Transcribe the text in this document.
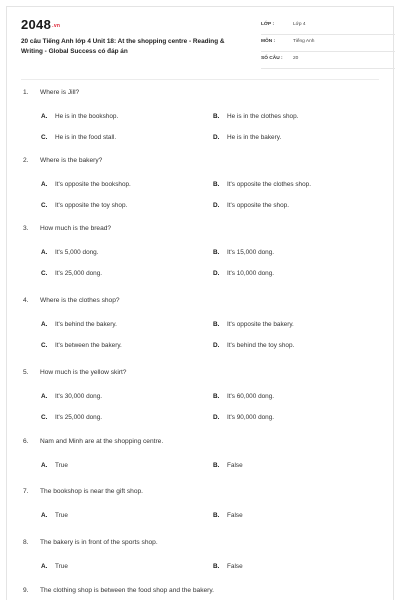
2048.vn
20 câu Tiếng Anh lớp 4 Unit 18: At the shopping centre - Reading & Writing - Global Success có đáp án
LỚP :	Lớp 4
MÔN :	Tiếng Anh
SỐ CÂU : 20
1. Where is Jill?
A. He is in the bookshop.	B. He is in the clothes shop.
C. He is in the food stall.	D. He is in the bakery.
2. Where is the bakery?
A. It's opposite the bookshop.	B. It's opposite the clothes shop.
C. It's opposite the toy shop.	D. It's opposite the shop.
3. How much is the bread?
A. It's 5,000 dong.	B. It's 15,000 dong.
C. It's 25,000 dong.	D. It's 10,000 dong.
4. Where is the clothes shop?
A. It's behind the bakery.	B. It's opposite the bakery.
C. It's between the bakery.	D. It's behind the toy shop.
5. How much is the yellow skirt?
A. It's 30,000 dong.	B. It's 60,000 dong.
C. It's 25,000 dong.	D. It's 90,000 dong.
6. Nam and Minh are at the shopping centre.
A. True	B. False
7. The bookshop is near the gift shop.
A. True	B. False
8. The bakery is in front of the sports shop.
A. True	B. False
9. The clothing shop is between the food shop and the bakery.
